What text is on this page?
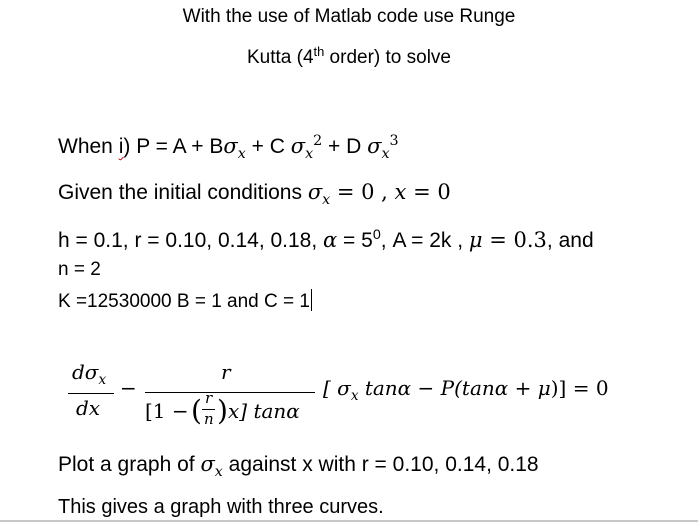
With the use of Matlab code use Runge
Kutta (4th order) to solve
When i) $P = A + B\sigma_x + C$ $\sigma_x^2 + D$ $\sigma_x^3$
Given the initial conditions $\sigma_x = 0$ , x = 0
h = 0.1, r = 0.10, 0.14, 0.18, $\alpha = 5^0$, A = 2k , μ = 0.3, and
n = 2
K =12530000 B = 1 and C = 1
$d\sigma_x$
dx
−
r
[1 − ( r
n ) x] tanα
[ $\sigma_x$ tanα − P(tanα + μ)] = 0
Plot a graph of $\sigma_x$ against x with r = 0.10, 0.14, 0.18
This gives a graph with three curves.
